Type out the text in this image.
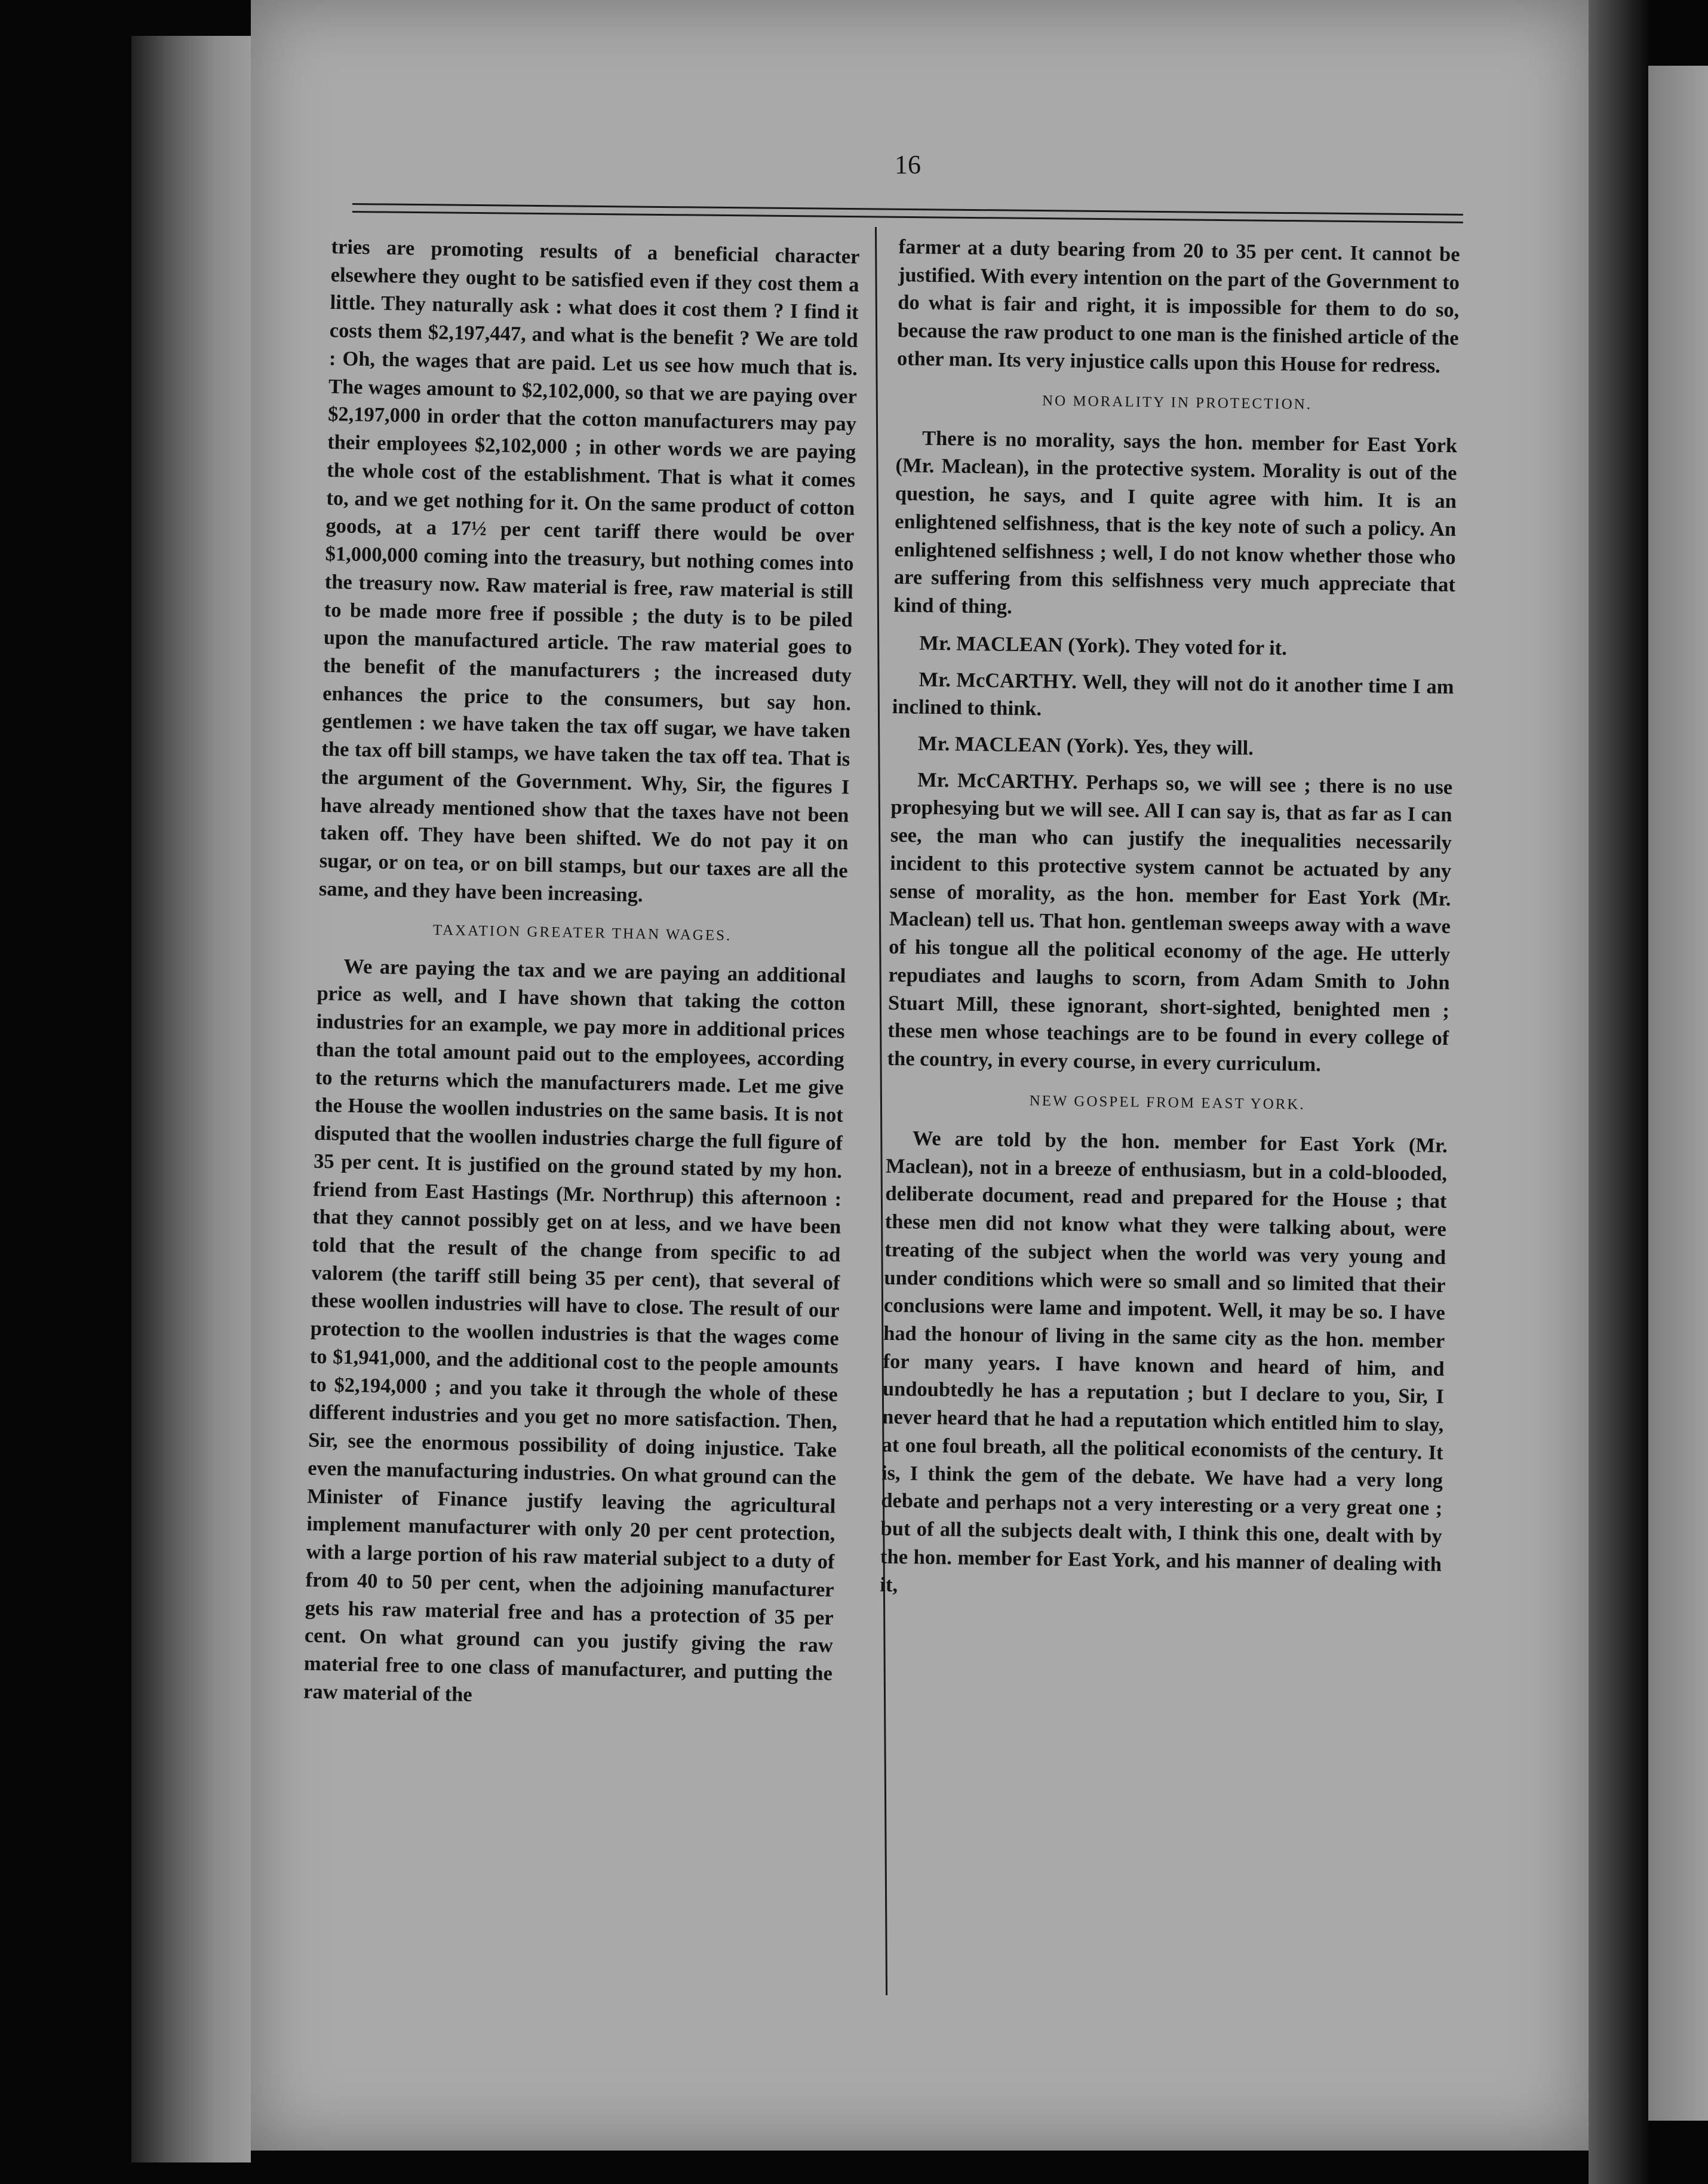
16

tries are promoting results of a beneficial character elsewhere they ought to be satisfied even if they cost them a little. They naturally ask : what does it cost them ? I find it costs them $2,197,447, and what is the benefit ? We are told : Oh, the wages that are paid. Let us see how much that is. The wages amount to $2,102,000, so that we are paying over $2,197,000 in order that the cotton manufacturers may pay their employees $2,102,000 ; in other words we are paying the whole cost of the establishment. That is what it comes to, and we get nothing for it. On the same product of cotton goods, at a 17½ per cent tariff there would be over $1,000,000 coming into the treasury, but nothing comes into the treasury now. Raw material is free, raw material is still to be made more free if possible ; the duty is to be piled upon the manufactured article. The raw material goes to the benefit of the manufacturers ; the increased duty enhances the price to the consumers, but say hon. gentlemen : we have taken the tax off sugar, we have taken the tax off bill stamps, we have taken the tax off tea. That is the argument of the Government. Why, Sir, the figures I have already mentioned show that the taxes have not been taken off. They have been shifted. We do not pay it on sugar, or on tea, or on bill stamps, but our taxes are all the same, and they have been increasing.

TAXATION GREATER THAN WAGES.

We are paying the tax and we are paying an additional price as well, and I have shown that taking the cotton industries for an example, we pay more in additional prices than the total amount paid out to the employees, according to the returns which the manufacturers made. Let me give the House the woollen industries on the same basis. It is not disputed that the woollen industries charge the full figure of 35 per cent. It is justified on the ground stated by my hon. friend from East Hastings (Mr. Northrup) this afternoon : that they cannot possibly get on at less, and we have been told that the result of the change from specific to ad valorem (the tariff still being 35 per cent), that several of these woollen industries will have to close. The result of our protection to the woollen industries is that the wages come to $1,941,000, and the additional cost to the people amounts to $2,194,000 ; and you take it through the whole of these different industries and you get no more satisfaction. Then, Sir, see the enormous possibility of doing injustice. Take even the manufacturing industries. On what ground can the Minister of Finance justify leaving the agricultural implement manufacturer with only 20 per cent protection, with a large portion of his raw material subject to a duty of from 40 to 50 per cent, when the adjoining manufacturer gets his raw material free and has a protection of 35 per cent. On what ground can you justify giving the raw material free to one class of manufacturer, and putting the raw material of the

farmer at a duty bearing from 20 to 35 per cent. It cannot be justified. With every intention on the part of the Government to do what is fair and right, it is impossible for them to do so, because the raw product to one man is the finished article of the other man. Its very injustice calls upon this House for redress.

NO MORALITY IN PROTECTION.

There is no morality, says the hon. member for East York (Mr. Maclean), in the protective system. Morality is out of the question, he says, and I quite agree with him. It is an enlightened selfishness, that is the key note of such a policy. An enlightened selfishness ; well, I do not know whether those who are suffering from this selfishness very much appreciate that kind of thing.

Mr. MACLEAN (York). They voted for it.

Mr. McCARTHY. Well, they will not do it another time I am inclined to think.

Mr. MACLEAN (York). Yes, they will.

Mr. McCARTHY. Perhaps so, we will see ; there is no use prophesying but we will see. All I can say is, that as far as I can see, the man who can justify the inequalities necessarily incident to this protective system cannot be actuated by any sense of morality, as the hon. member for East York (Mr. Maclean) tell us. That hon. gentleman sweeps away with a wave of his tongue all the political economy of the age. He utterly repudiates and laughs to scorn, from Adam Smith to John Stuart Mill, these ignorant, short-sighted, benighted men ; these men whose teachings are to be found in every college of the country, in every course, in every curriculum.

NEW GOSPEL FROM EAST YORK.

We are told by the hon. member for East York (Mr. Maclean), not in a breeze of enthusiasm, but in a cold-blooded, deliberate document, read and prepared for the House ; that these men did not know what they were talking about, were treating of the subject when the world was very young and under conditions which were so small and so limited that their conclusions were lame and impotent. Well, it may be so. I have had the honour of living in the same city as the hon. member for many years. I have known and heard of him, and undoubtedly he has a reputation ; but I declare to you, Sir, I never heard that he had a reputation which entitled him to slay, at one foul breath, all the political economists of the century. It is, I think the gem of the debate. We have had a very long debate and perhaps not a very interesting or a very great one ; but of all the subjects dealt with, I think this one, dealt with by the hon. member for East York, and his manner of dealing with it,
